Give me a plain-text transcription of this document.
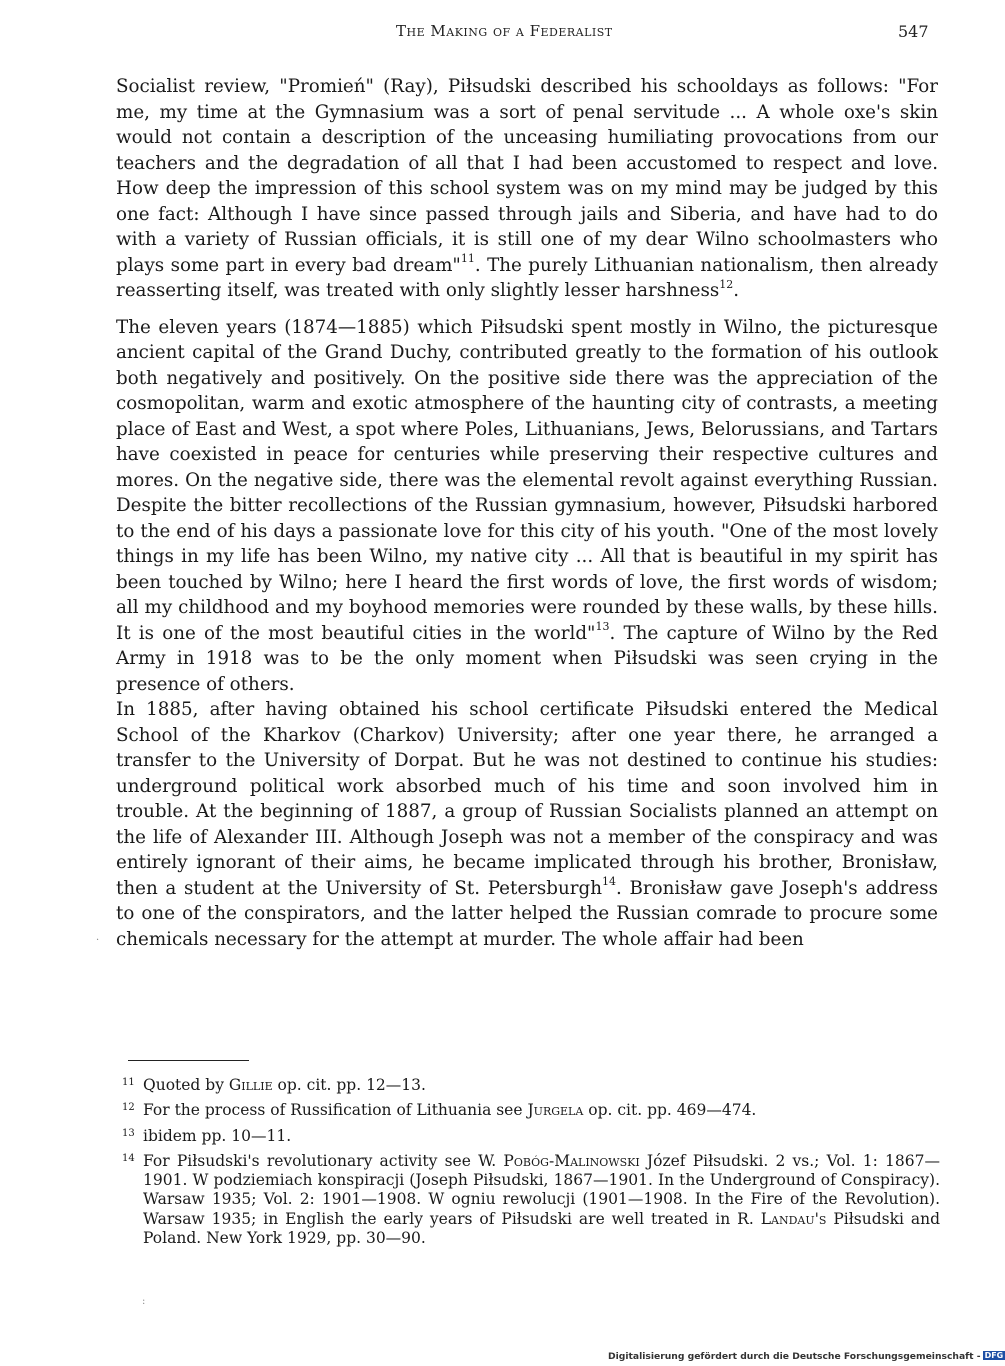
The Making of a Federalist	547

Socialist review, "Promień" (Ray), Piłsudski described his schooldays as follows: "For me, my time at the Gymnasium was a sort of penal servitude ... A whole oxe's skin would not contain a description of the unceasing humiliating provocations from our teachers and the degradation of all that I had been accustomed to respect and love. How deep the impression of this school system was on my mind may be judged by this one fact: Although I have since passed through jails and Siberia, and have had to do with a variety of Russian officials, it is still one of my dear Wilno schoolmasters who plays some part in every bad dream"$^{11}$. The purely Lithuanian nationalism, then already reasserting itself, was treated with only slightly lesser harshness$^{12}$.

The eleven years (1874—1885) which Piłsudski spent mostly in Wilno, the picturesque ancient capital of the Grand Duchy, contributed greatly to the formation of his outlook both negatively and positively. On the positive side there was the appreciation of the cosmopolitan, warm and exotic atmosphere of the haunting city of contrasts, a meeting place of East and West, a spot where Poles, Lithuanians, Jews, Belorussians, and Tartars have coexisted in peace for centuries while preserving their respective cultures and mores. On the negative side, there was the elemental revolt against everything Russian. Despite the bitter recollections of the Russian gymnasium, however, Piłsudski harbored to the end of his days a passionate love for this city of his youth. "One of the most lovely things in my life has been Wilno, my native city ... All that is beautiful in my spirit has been touched by Wilno; here I heard the first words of love, the first words of wisdom; all my childhood and my boyhood memories were rounded by these walls, by these hills. It is one of the most beautiful cities in the world"$^{13}$. The capture of Wilno by the Red Army in 1918 was to be the only moment when Piłsudski was seen crying in the presence of others.

In 1885, after having obtained his school certificate Piłsudski entered the Medical School of the Kharkov (Charkov) University; after one year there, he arranged a transfer to the University of Dorpat. But he was not destined to continue his studies: underground political work absorbed much of his time and soon involved him in trouble. At the beginning of 1887, a group of Russian Socialists planned an attempt on the life of Alexander III. Although Joseph was not a member of the conspiracy and was entirely ignorant of their aims, he became implicated through his brother, Bronisław, then a student at the University of St. Petersburgh$^{14}$. Bronisław gave Joseph's address to one of the conspirators, and the latter helped the Russian comrade to procure some chemicals necessary for the attempt at murder. The whole affair had been

11 Quoted by Gillie op. cit. pp. 12—13.
12 For the process of Russification of Lithuania see Jurgela op. cit. pp. 469—474.
13 ibidem pp. 10—11.
14 For Piłsudski's revolutionary activity see W. Pobóg-Malinowski Józef Piłsudski. 2 vs.; Vol. 1: 1867—1901. W podziemiach konspiracji (Joseph Piłsudski, 1867—1901. In the Underground of Conspiracy). Warsaw 1935; Vol. 2: 1901—1908. W ogniu rewolucji (1901—1908. In the Fire of the Revolution). Warsaw 1935; in English the early years of Piłsudski are well treated in R. Landau's Piłsudski and Poland. New York 1929, pp. 30—90.
·
:
Digitalisierung gefördert durch die Deutsche Forschungsgemeinschaft - DFG
